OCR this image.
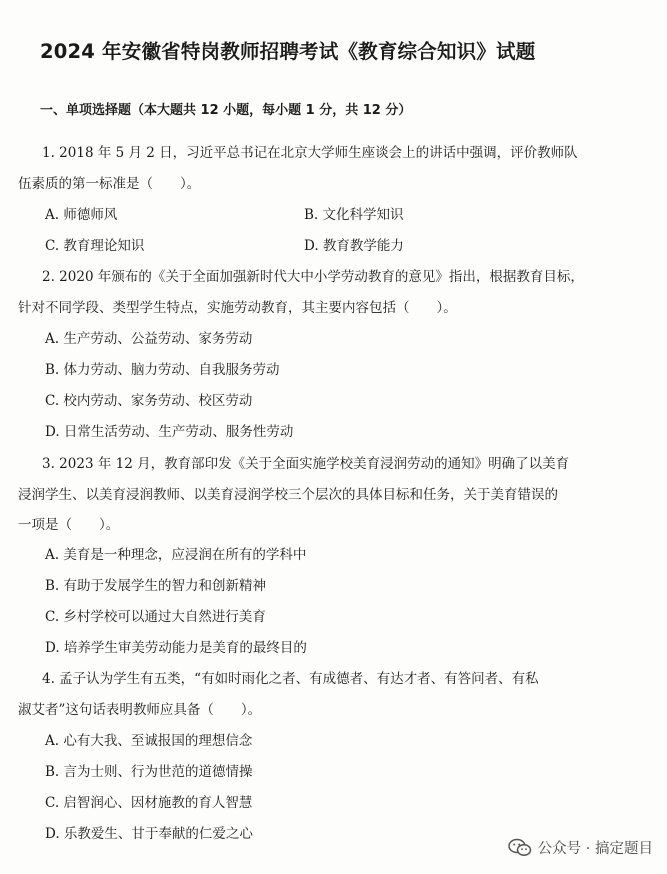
2024 年安徽省特岗教师招聘考试《教育综合知识》试题
一、单项选择题（本大题共 12 小题，每小题 1 分，共 12 分）
1. 2018 年 5 月 2 日，习近平总书记在北京大学师生座谈会上的讲话中强调，评价教师队
伍素质的第一标准是（　　）。
A. 师德师风	B. 文化科学知识
C. 教育理论知识	D. 教育教学能力
2. 2020 年颁布的《关于全面加强新时代大中小学劳动教育的意见》指出，根据教育目标，
针对不同学段、类型学生特点，实施劳动教育，其主要内容包括（　　）。
A. 生产劳动、公益劳动、家务劳动
B. 体力劳动、脑力劳动、自我服务劳动
C. 校内劳动、家务劳动、校区劳动
D. 日常生活劳动、生产劳动、服务性劳动
3. 2023 年 12 月，教育部印发《关于全面实施学校美育浸润劳动的通知》明确了以美育
浸润学生、以美育浸润教师、以美育浸润学校三个层次的具体目标和任务，关于美育错误的
一项是（　　）。
A. 美育是一种理念，应浸润在所有的学科中
B. 有助于发展学生的智力和创新精神
C. 乡村学校可以通过大自然进行美育
D. 培养学生审美劳动能力是美育的最终目的
4. 孟子认为学生有五类，“有如时雨化之者、有成德者、有达才者、有答问者、有私
淑艾者”这句话表明教师应具备（　　）。
A. 心有大我、至诚报国的理想信念
B. 言为士则、行为世范的道德情操
C. 启智润心、因材施教的育人智慧
D. 乐教爱生、甘于奉献的仁爱之心
公众号 · 搞定题目
